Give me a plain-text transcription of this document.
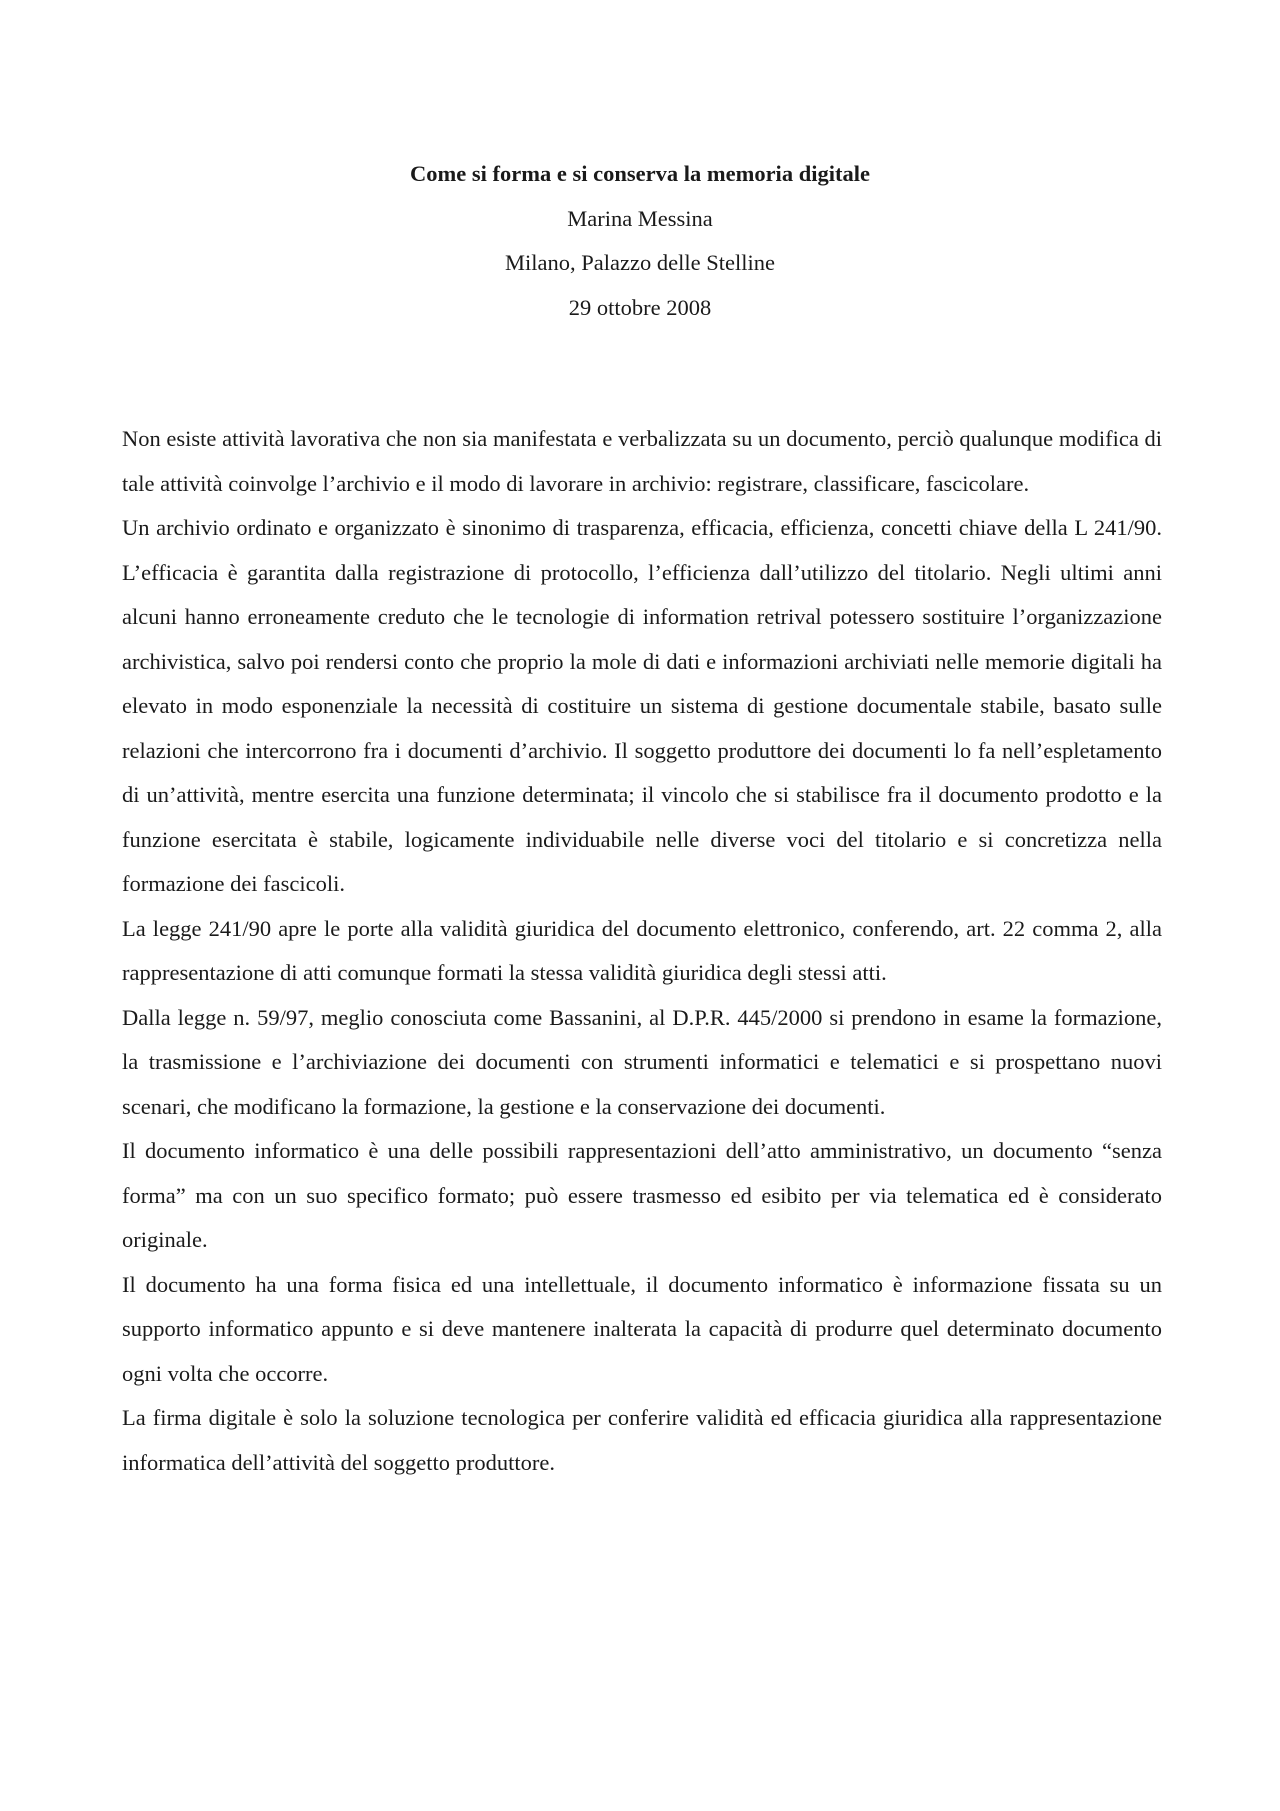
Come si forma e si conserva la memoria digitale
Marina Messina
Milano, Palazzo delle Stelline
29 ottobre 2008

Non esiste attività lavorativa che non sia manifestata e verbalizzata su un documento, perciò qualunque modifica di tale attività coinvolge l’archivio e il modo di lavorare in archivio: registrare, classificare, fascicolare.

Un archivio ordinato e organizzato è sinonimo di trasparenza, efficacia, efficienza, concetti chiave della L 241/90. L’efficacia è garantita dalla registrazione di protocollo, l’efficienza dall’utilizzo del titolario. Negli ultimi anni alcuni hanno erroneamente creduto che le tecnologie di information retrival potessero sostituire l’organizzazione archivistica, salvo poi rendersi conto che proprio la mole di dati e informazioni archiviati nelle memorie digitali ha elevato in modo esponenziale la necessità di costituire un sistema di gestione documentale stabile, basato sulle relazioni che intercorrono fra i documenti d’archivio. Il soggetto produttore dei documenti lo fa nell’espletamento di un’attività, mentre esercita una funzione determinata; il vincolo che si stabilisce fra il documento prodotto e la funzione esercitata è stabile, logicamente individuabile nelle diverse voci del titolario e si concretizza nella formazione dei fascicoli.

La legge 241/90 apre le porte alla validità giuridica del documento elettronico, conferendo, art. 22 comma 2, alla rappresentazione di atti comunque formati la stessa validità giuridica degli stessi atti.

Dalla legge n. 59/97, meglio conosciuta come Bassanini, al D.P.R. 445/2000 si prendono in esame la formazione, la trasmissione e l’archiviazione dei documenti con strumenti informatici e telematici e si prospettano nuovi scenari, che modificano la formazione, la gestione e la conservazione dei documenti.

Il documento informatico è una delle possibili rappresentazioni dell’atto amministrativo, un documento “senza forma” ma con un suo specifico formato; può essere trasmesso ed esibito per via telematica ed è considerato originale.

Il documento ha una forma fisica ed una intellettuale, il documento informatico è informazione fissata su un supporto informatico appunto e si deve mantenere inalterata la capacità di produrre quel determinato documento ogni volta che occorre.

La firma digitale è solo la soluzione tecnologica per conferire validità ed efficacia giuridica alla rappresentazione informatica dell’attività del soggetto produttore.
